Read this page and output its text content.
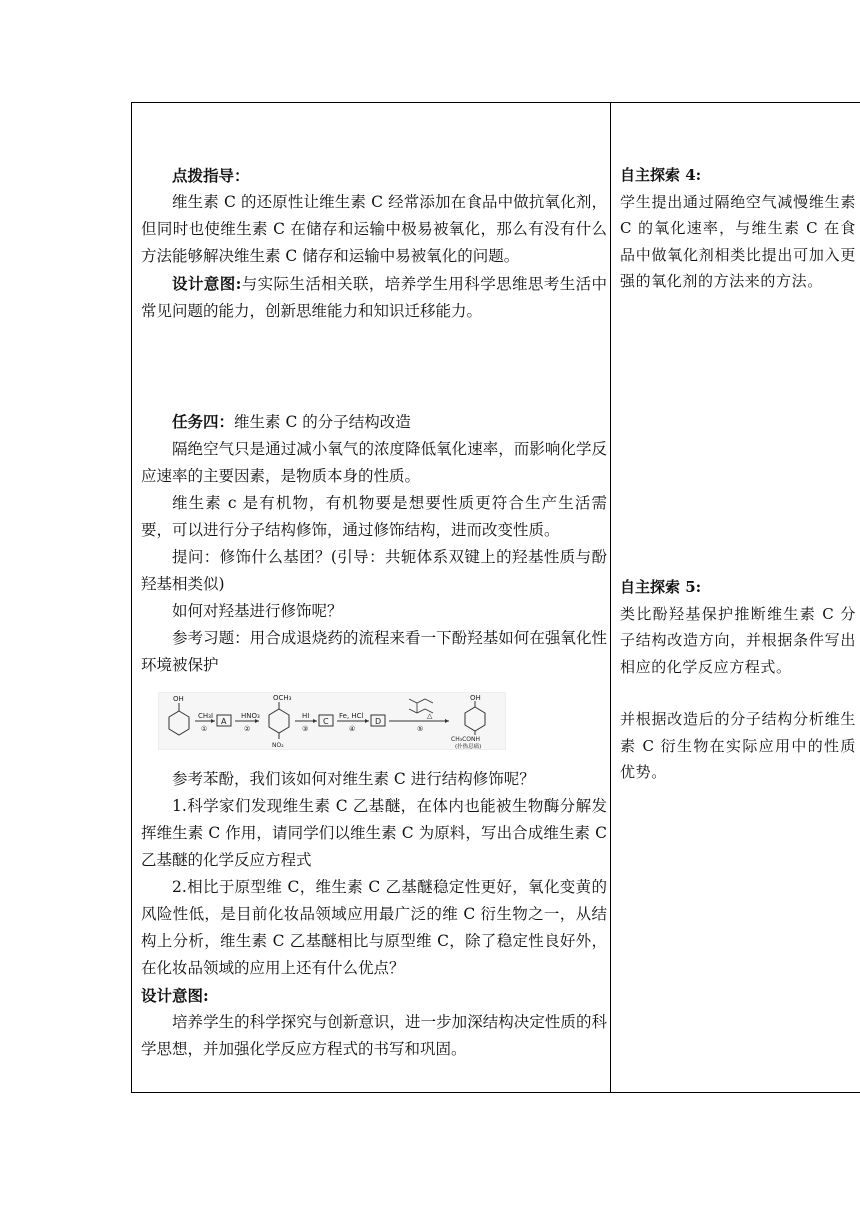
点拨指导：

维生素 C 的还原性让维生素 C 经常添加在食品中做抗氧化剂，但同时也使维生素 C 在储存和运输中极易被氧化，那么有没有什么方法能够解决维生素 C 储存和运输中易被氧化的问题。

设计意图:与实际生活相关联，培养学生用科学思维思考生活中常见问题的能力，创新思维能力和知识迁移能力。

任务四：维生素 C 的分子结构改造

隔绝空气只是通过减小氧气的浓度降低氧化速率，而影响化学反应速率的主要因素，是物质本身的性质。

维生素 c 是有机物，有机物要是想要性质更符合生产生活需要，可以进行分子结构修饰，通过修饰结构，进而改变性质。

提问：修饰什么基团？(引导：共轭体系双键上的羟基性质与酚羟基相类似)

如何对羟基进行修饰呢？

参考习题：用合成退烧药的流程来看一下酚羟基如何在强氧化性环境被保护

OH
CH₃I
①
A
HNO₃
②
OCH₃
NO₂
HI
③
C
Fe, HCl
④
D
△
⑤
OH
CH₃CONH
(扑热息痛)

参考苯酚，我们该如何对维生素 C 进行结构修饰呢？

1.科学家们发现维生素 C 乙基醚，在体内也能被生物酶分解发挥维生素 C 作用，请同学们以维生素 C 为原料，写出合成维生素 C 乙基醚的化学反应方程式

2.相比于原型维 C，维生素 C 乙基醚稳定性更好，氧化变黄的风险性低，是目前化妆品领域应用最广泛的维 C 衍生物之一，从结构上分析，维生素 C 乙基醚相比与原型维 C，除了稳定性良好外，在化妆品领域的应用上还有什么优点？

设计意图:

培养学生的科学探究与创新意识，进一步加深结构决定性质的科学思想，并加强化学反应方程式的书写和巩固。

自主探索 4:

学生提出通过隔绝空气减慢维生素 C 的氧化速率，与维生素 C 在食品中做氧化剂相类比提出可加入更强的氧化剂的方法来的方法。

自主探索 5:

类比酚羟基保护推断维生素 C 分子结构改造方向，并根据条件写出相应的化学反应方程式。

并根据改造后的分子结构分析维生素 C 衍生物在实际应用中的性质优势。
